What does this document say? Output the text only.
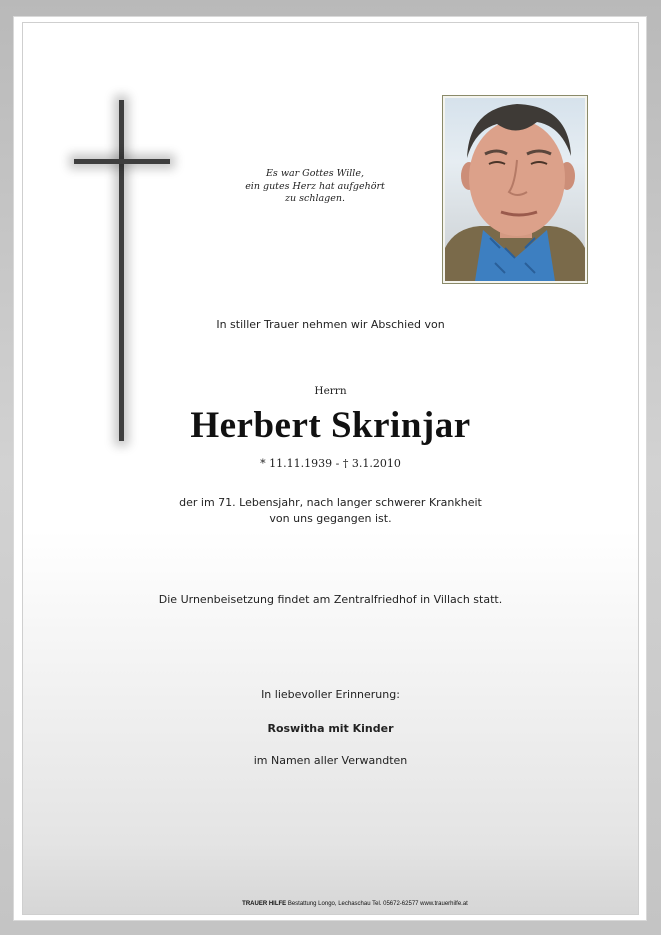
Es war Gottes Wille,
ein gutes Herz hat aufgehört
zu schlagen.
In stiller Trauer nehmen wir Abschied von
Herrn
Herbert Skrinjar
* 11.11.1939 - † 3.1.2010
der im 71. Lebensjahr, nach langer schwerer Krankheit
von uns gegangen ist.
Die Urnenbeisetzung findet am Zentralfriedhof in Villach statt.
In liebevoller Erinnerung:
Roswitha mit Kinder
im Namen aller Verwandten
TRAUER HILFE Bestattung Longo, Lechaschau Tel. 05672-62577 www.trauerhilfe.at
